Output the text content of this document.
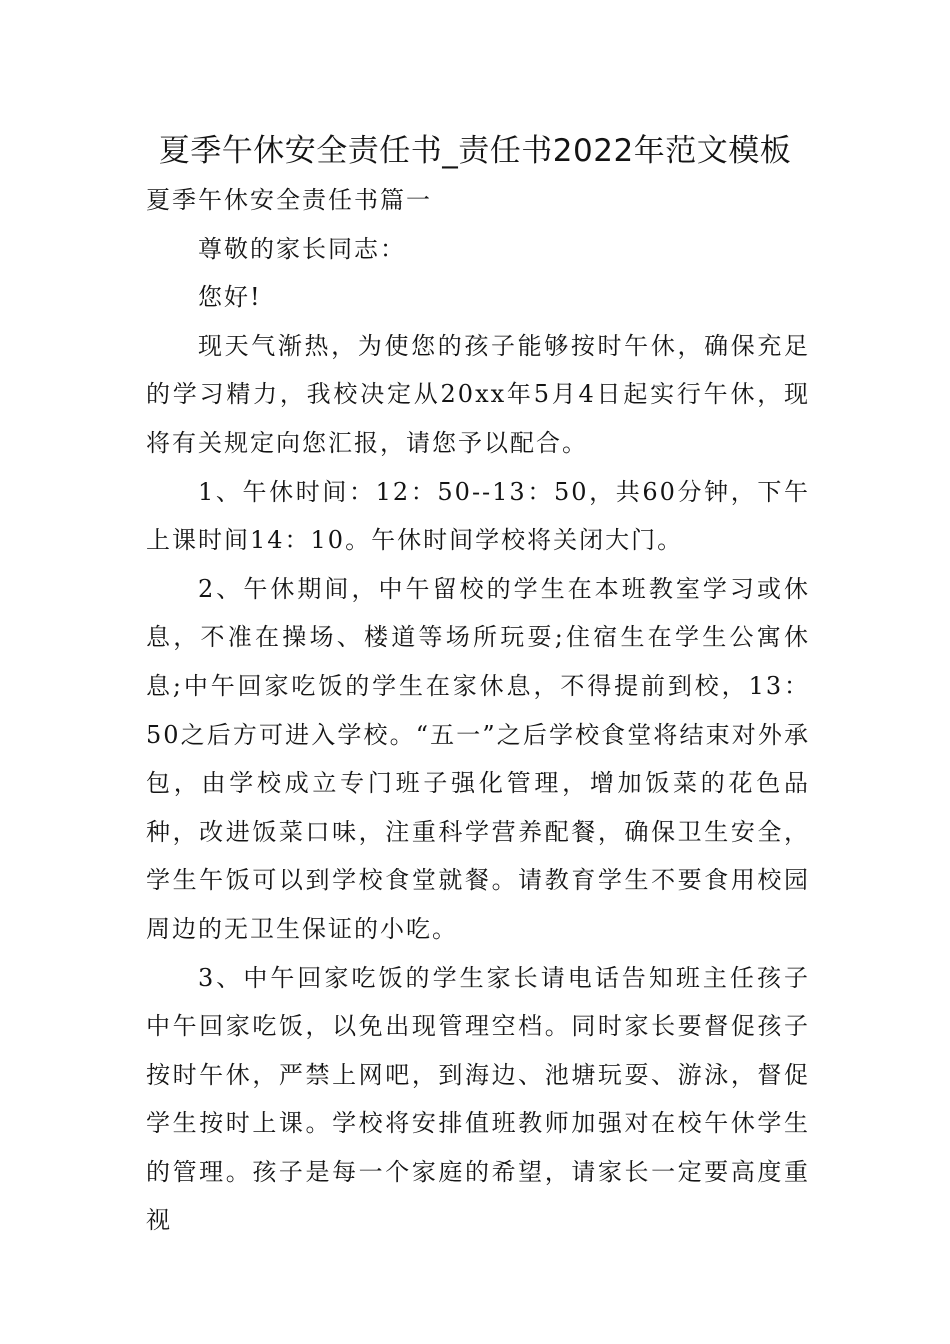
夏季午休安全责任书_责任书2022年范文模板

夏季午休安全责任书篇一

尊敬的家长同志：

您好!

现天气渐热，为使您的孩子能够按时午休，确保充足的学习精力，我校决定从20xx年5月4日起实行午休，现将有关规定向您汇报，请您予以配合。

1、午休时间：12：50--13：50，共60分钟，下午上课时间14：10。午休时间学校将关闭大门。

2、午休期间，中午留校的学生在本班教室学习或休息，不准在操场、楼道等场所玩耍;住宿生在学生公寓休息;中午回家吃饭的学生在家休息，不得提前到校，13：50之后方可进入学校。“五一”之后学校食堂将结束对外承包，由学校成立专门班子强化管理，增加饭菜的花色品种，改进饭菜口味，注重科学营养配餐，确保卫生安全，学生午饭可以到学校食堂就餐。请教育学生不要食用校园周边的无卫生保证的小吃。

3、中午回家吃饭的学生家长请电话告知班主任孩子中午回家吃饭，以免出现管理空档。同时家长要督促孩子按时午休，严禁上网吧，到海边、池塘玩耍、游泳，督促学生按时上课。学校将安排值班教师加强对在校午休学生的管理。孩子是每一个家庭的希望，请家长一定要高度重视
